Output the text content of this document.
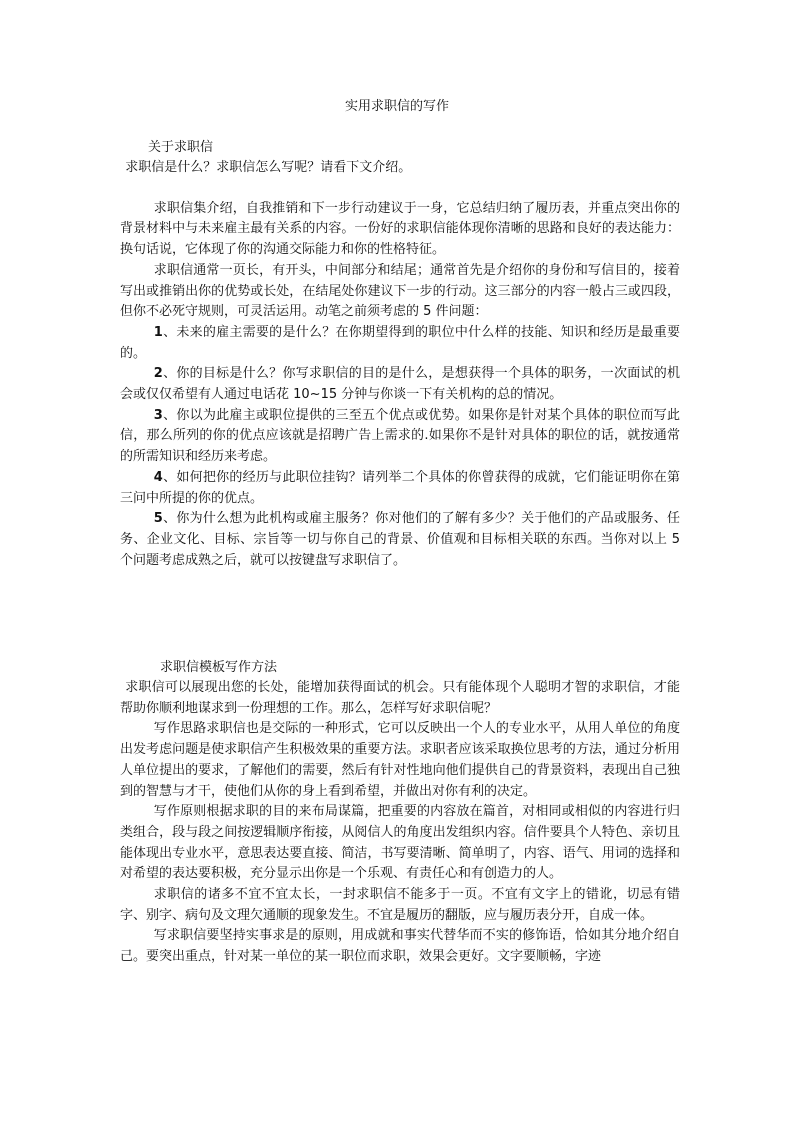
实用求职信的写作
关于求职信

求职信是什么？求职信怎么写呢？请看下文介绍。

求职信集介绍，自我推销和下一步行动建议于一身，它总结归纳了履历表，并重点突出你的背景材料中与未来雇主最有关系的内容。一份好的求职信能体现你清晰的思路和良好的表达能力：换句话说，它体现了你的沟通交际能力和你的性格特征。

求职信通常一页长，有开头，中间部分和结尾；通常首先是介绍你的身份和写信目的，接着写出或推销出你的优势或长处，在结尾处你建议下一步的行动。这三部分的内容一般占三或四段，但你不必死守规则，可灵活运用。动笔之前须考虑的 5 件问题：

1、未来的雇主需要的是什么？在你期望得到的职位中什么样的技能、知识和经历是最重要的。

2、你的目标是什么？你写求职信的目的是什么，是想获得一个具体的职务，一次面试的机会或仅仅希望有人通过电话花 10~15 分钟与你谈一下有关机构的总的情况。

3、你以为此雇主或职位提供的三至五个优点或优势。如果你是针对某个具体的职位而写此信，那么所列的你的优点应该就是招聘广告上需求的.如果你不是针对具体的职位的话，就按通常的所需知识和经历来考虑。

4、如何把你的经历与此职位挂钩？请列举二个具体的你曾获得的成就，它们能证明你在第三问中所提的你的优点。

5、你为什么想为此机构或雇主服务？你对他们的了解有多少？关于他们的产品或服务、任务、企业文化、目标、宗旨等一切与你自己的背景、价值观和目标相关联的东西。当你对以上 5 个问题考虑成熟之后，就可以按键盘写求职信了。

求职信模板写作方法

求职信可以展现出您的长处，能增加获得面试的机会。只有能体现个人聪明才智的求职信，才能帮助你顺利地谋求到一份理想的工作。那么，怎样写好求职信呢？

写作思路求职信也是交际的一种形式，它可以反映出一个人的专业水平，从用人单位的角度出发考虑问题是使求职信产生积极效果的重要方法。求职者应该采取换位思考的方法，通过分析用人单位提出的要求，了解他们的需要，然后有针对性地向他们提供自己的背景资料，表现出自己独到的智慧与才干，使他们从你的身上看到希望，并做出对你有利的决定。

写作原则根据求职的目的来布局谋篇，把重要的内容放在篇首，对相同或相似的内容进行归类组合，段与段之间按逻辑顺序衔接，从阅信人的角度出发组织内容。信件要具个人特色、亲切且能体现出专业水平，意思表达要直接、简洁，书写要清晰、简单明了，内容、语气、用词的选择和对希望的表达要积极，充分显示出你是一个乐观、有责任心和有创造力的人。

求职信的诸多不宜不宜太长，一封求职信不能多于一页。不宜有文字上的错讹，切忌有错字、别字、病句及文理欠通顺的现象发生。不宜是履历的翻版，应与履历表分开，自成一体。

写求职信要坚持实事求是的原则，用成就和事实代替华而不实的修饰语，恰如其分地介绍自己。要突出重点，针对某一单位的某一职位而求职，效果会更好。文字要顺畅，字迹
